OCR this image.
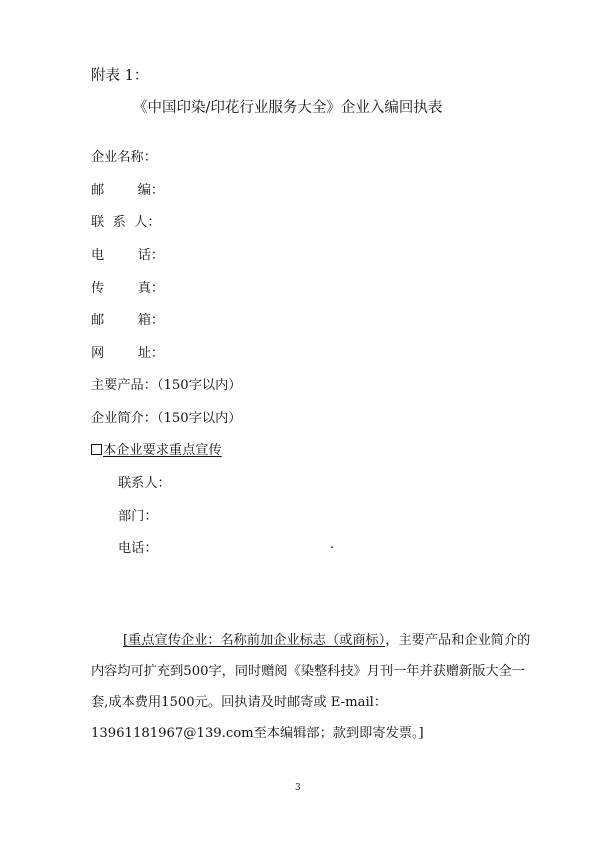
附表 1：
《中国印染/印花行业服务大全》企业入编回执表
企业名称：
邮        编：
联  系  人：
电        话：
传        真：
邮        箱：
网        址：
主要产品：（150字以内）
企业简介：（150字以内）
本企业要求重点宣传
联系人：
部门：
电话：	.
[重点宣传企业：名称前加企业标志（或商标），主要产品和企业简介的内容均可扩充到500字，同时赠阅《染整科技》月刊一年并获赠新版大全一套,成本费用1500元。回执请及时邮寄或 E-mail：13961181967@139.com至本编辑部；款到即寄发票。]
3
